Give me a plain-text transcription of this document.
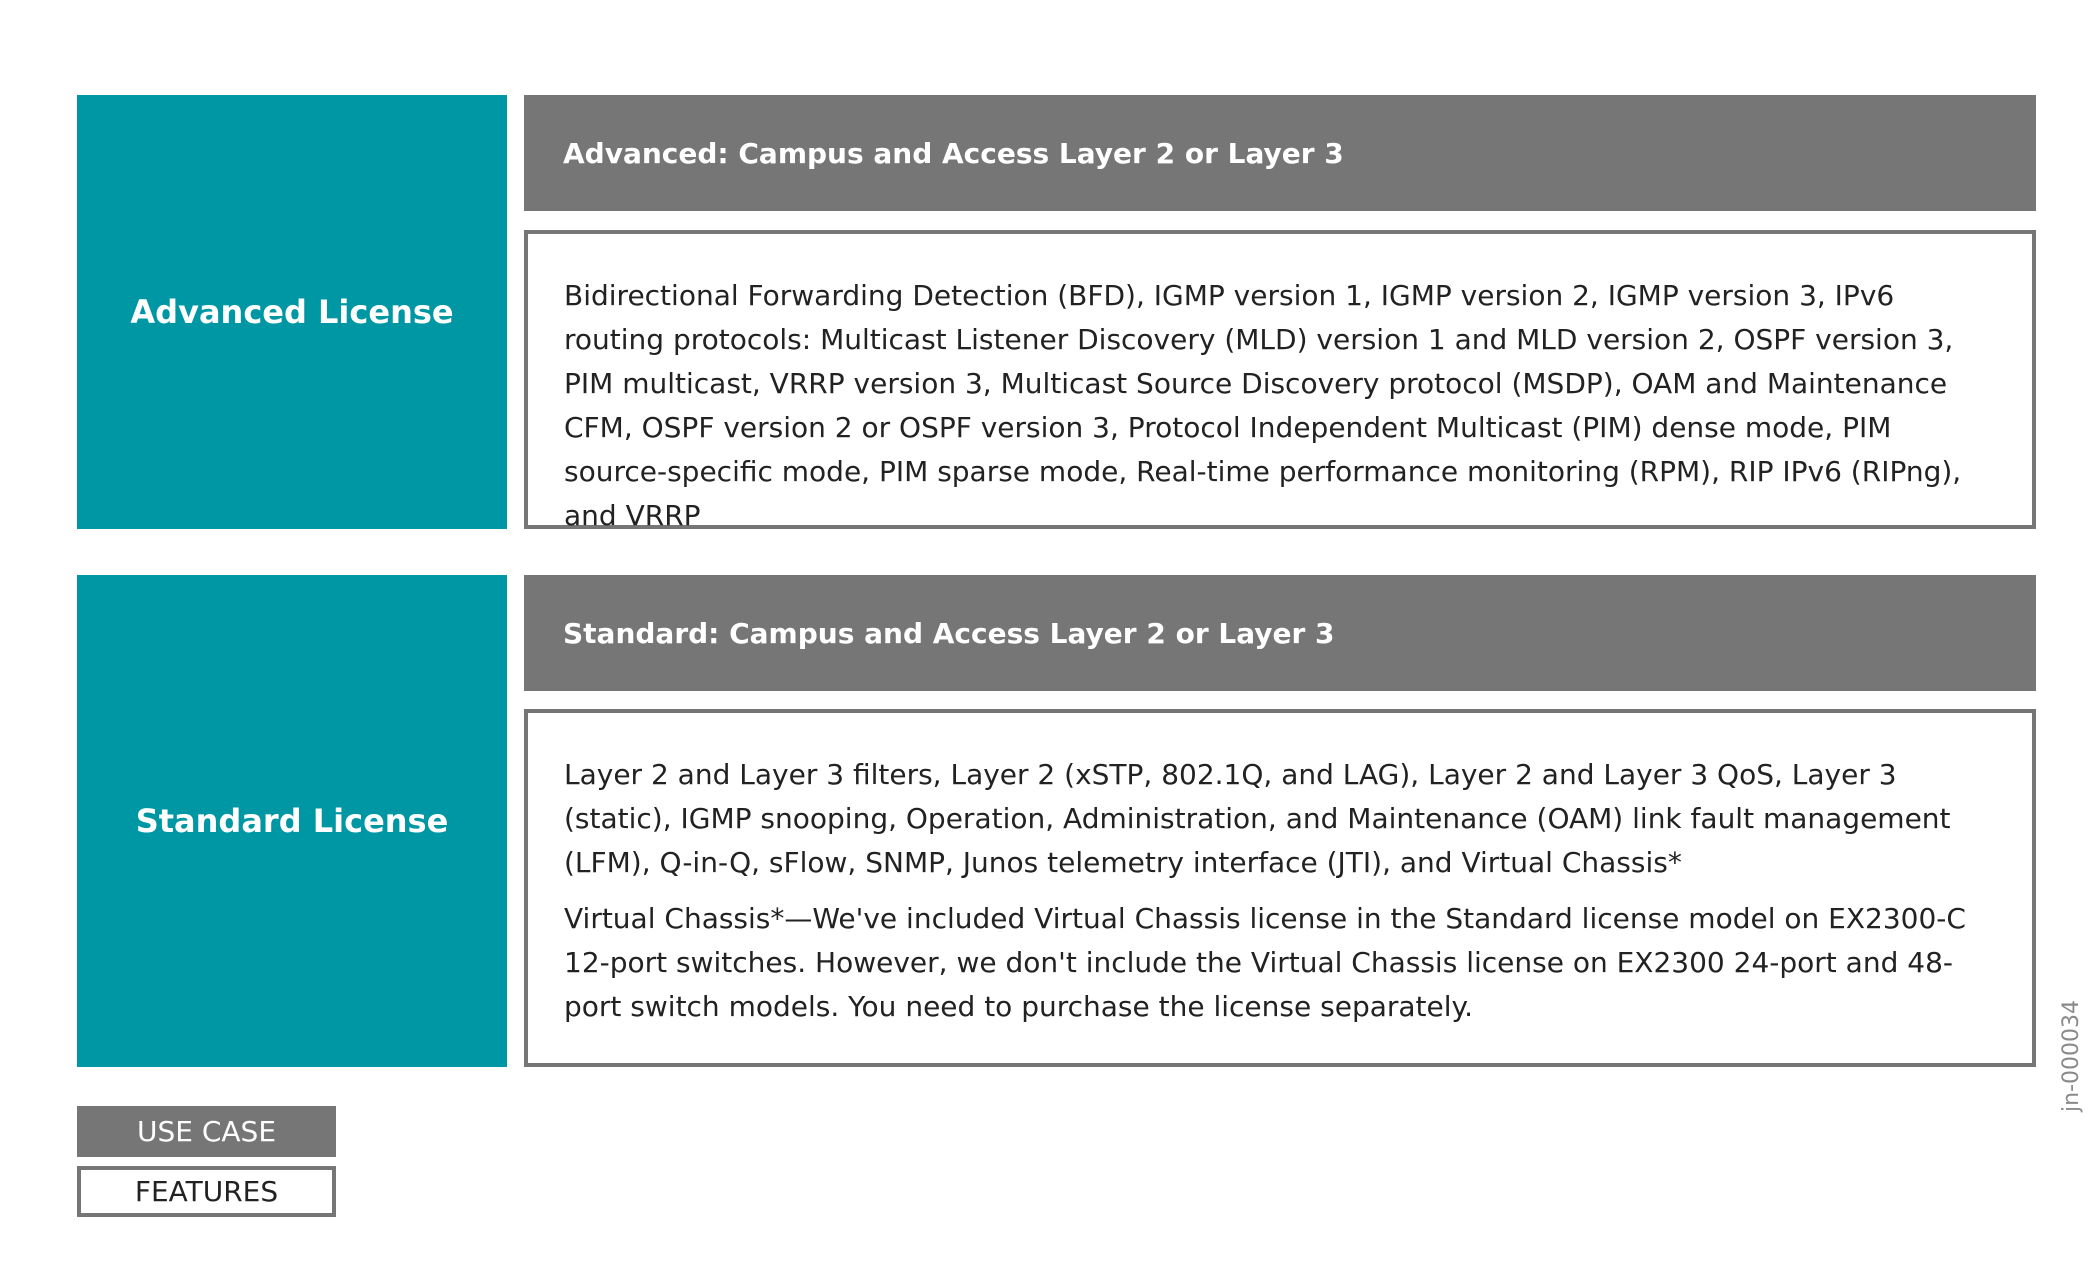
Advanced License
Advanced: Campus and Access Layer 2 or Layer 3

Bidirectional Forwarding Detection (BFD), IGMP version 1, IGMP version 2, IGMP version 3, IPv6 routing protocols: Multicast Listener Discovery (MLD) version 1 and MLD version 2, OSPF version 3, PIM multicast, VRRP version 3, Multicast Source Discovery protocol (MSDP), OAM and Maintenance CFM, OSPF version 2 or OSPF version 3, Protocol Independent Multicast (PIM) dense mode, PIM source-specific mode, PIM sparse mode, Real-time performance monitoring (RPM), RIP IPv6 (RIPng), and VRRP

Standard License
Standard: Campus and Access Layer 2 or Layer 3

Layer 2 and Layer 3 filters, Layer 2 (xSTP, 802.1Q, and LAG), Layer 2 and Layer 3 QoS, Layer 3 (static), IGMP snooping, Operation, Administration, and Maintenance (OAM) link fault management (LFM), Q-in-Q, sFlow, SNMP, Junos telemetry interface (JTI), and Virtual Chassis*

Virtual Chassis*—We've included Virtual Chassis license in the Standard license model on EX2300-C 12-port switches. However, we don't include the Virtual Chassis license on EX2300 24-port and 48-port switch models. You need to purchase the license separately.	jn-000034
USE CASE
FEATURES
